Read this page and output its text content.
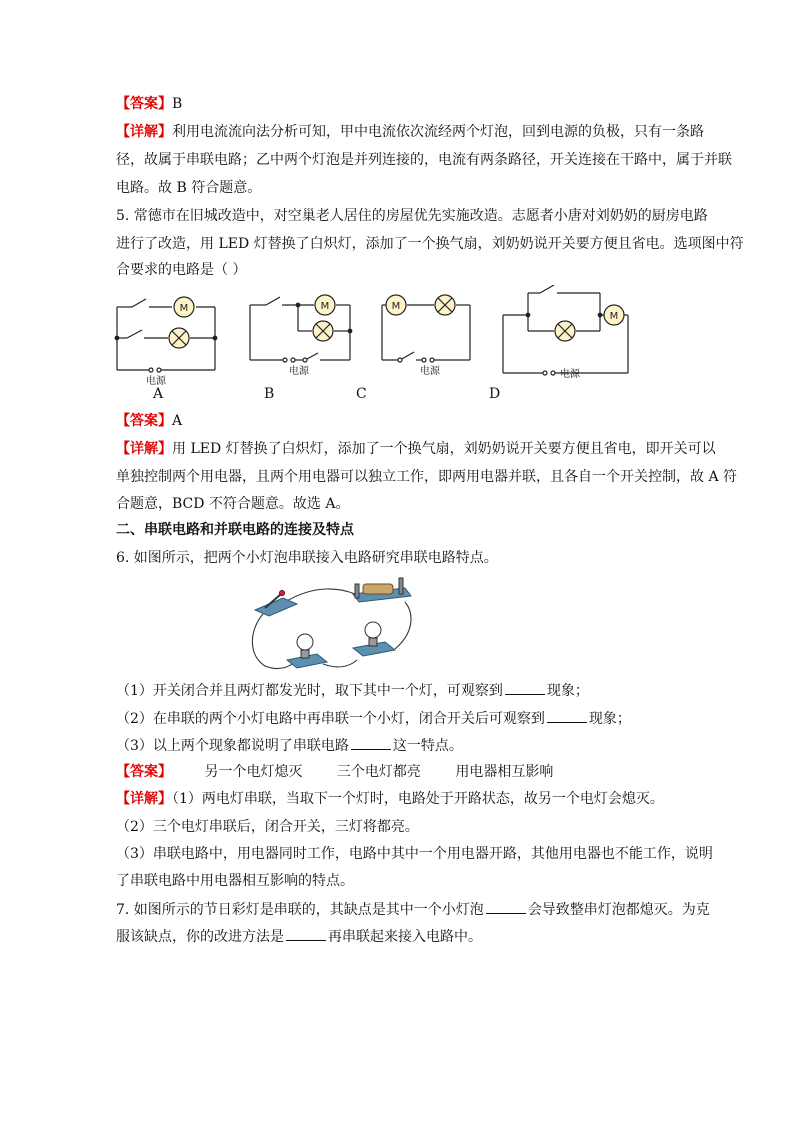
【答案】B
【详解】利用电流流向法分析可知，甲中电流依次流经两个灯泡，回到电源的负极，只有一条路
径，故属于串联电路；乙中两个灯泡是并列连接的，电流有两条路径，开关连接在干路中，属于并联
电路。故 B 符合题意。
5. 常德市在旧城改造中，对空巢老人居住的房屋优先实施改造。志愿者小唐对刘奶奶的厨房电路
进行了改造，用 LED 灯替换了白炽灯，添加了一个换气扇，刘奶奶说开关要方便且省电。选项图中符
合要求的电路是（ ）
M	M	M
M
电源
电源	电源	电源
A	B	C	D
【答案】A
【详解】用 LED 灯替换了白炽灯，添加了一个换气扇，刘奶奶说开关要方便且省电，即开关可以
单独控制两个用电器，且两个用电器可以独立工作，即两用电器并联，且各自一个开关控制，故 A 符
合题意，BCD 不符合题意。故选 A。
二、串联电路和并联电路的连接及特点
6. 如图所示，把两个小灯泡串联接入电路研究串联电路特点。
（1）开关闭合并且两灯都发光时，取下其中一个灯，可观察到	现象；
（2）在串联的两个小灯电路中再串联一个小灯，闭合开关后可观察到	现象；
（3）以上两个现象都说明了串联电路	这一特点。
【答案】 另一个电灯熄灭 三个电灯都亮 用电器相互影响
【详解】（1）两电灯串联，当取下一个灯时，电路处于开路状态，故另一个电灯会熄灭。
（2）三个电灯串联后，闭合开关，三灯将都亮。
（3）串联电路中，用电器同时工作，电路中其中一个用电器开路，其他用电器也不能工作，说明
了串联电路中用电器相互影响的特点。
7. 如图所示的节日彩灯是串联的，其缺点是其中一个小灯泡	会导致整串灯泡都熄灭。为克
服该缺点，你的改进方法是	再串联起来接入电路中。
